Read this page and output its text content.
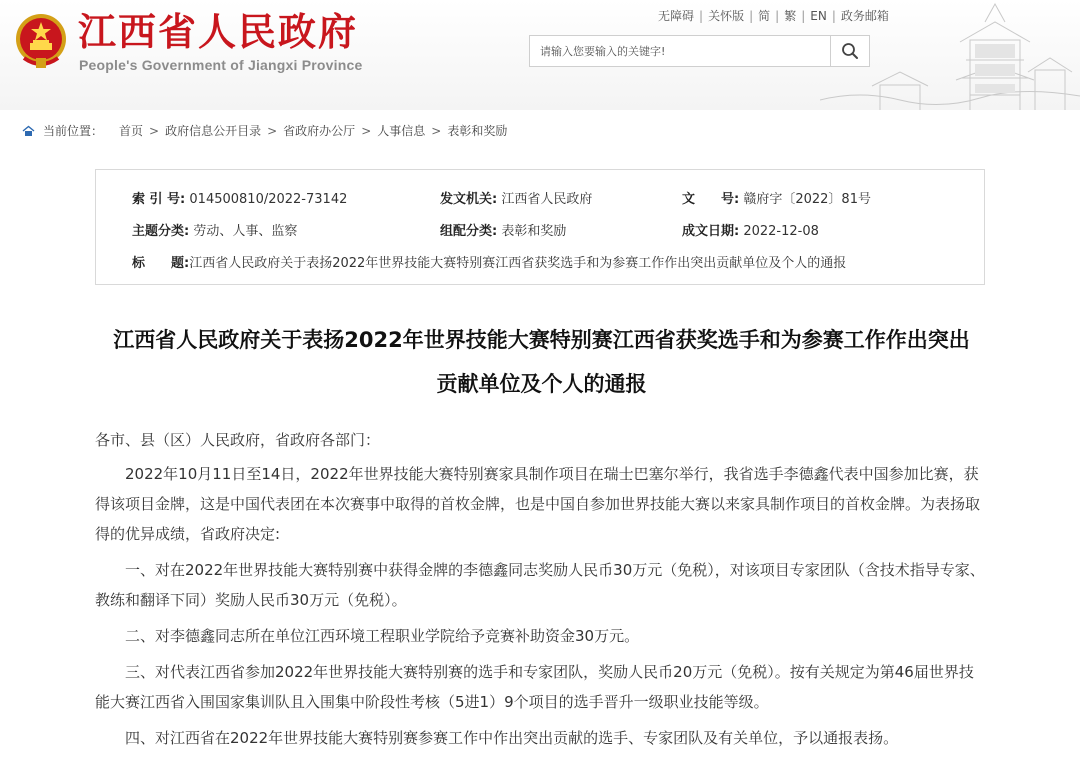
江西省人民政府
People's Government of Jiangxi Province
无障碍 | 关怀版 | 简 | 繁 | EN | 政务邮箱
请输入您要输入的关键字!
当前位置： 首页 > 政府信息公开目录 > 省政府办公厅 > 人事信息 > 表彰和奖励
索 引 号: 014500810/2022-73142	发文机关: 江西省人民政府	文　　号: 赣府字〔2022〕81号
主题分类: 劳动、人事、监察	组配分类: 表彰和奖励	成文日期: 2022-12-08
标　　题:江西省人民政府关于表扬2022年世界技能大赛特别赛江西省获奖选手和为参赛工作作出突出贡献单位及个人的通报
江西省人民政府关于表扬2022年世界技能大赛特别赛江西省获奖选手和为参赛工作作出突出
贡献单位及个人的通报

各市、县（区）人民政府，省政府各部门：

2022年10月11日至14日，2022年世界技能大赛特别赛家具制作项目在瑞士巴塞尔举行，我省选手李德鑫代表中国参加比赛，获得该项目金牌，这是中国代表团在本次赛事中取得的首枚金牌，也是中国自参加世界技能大赛以来家具制作项目的首枚金牌。为表扬取得的优异成绩，省政府决定:

一、对在2022年世界技能大赛特别赛中获得金牌的李德鑫同志奖励人民币30万元（免税），对该项目专家团队（含技术指导专家、教练和翻译下同）奖励人民币30万元（免税）。

二、对李德鑫同志所在单位江西环境工程职业学院给予竞赛补助资金30万元。

三、对代表江西省参加2022年世界技能大赛特别赛的选手和专家团队，奖励人民币20万元（免税）。按有关规定为第46届世界技能大赛江西省入围国家集训队且入围集中阶段性考核（5进1）9个项目的选手晋升一级职业技能等级。

四、对江西省在2022年世界技能大赛特别赛参赛工作中作出突出贡献的选手、专家团队及有关单位，予以通报表扬。
